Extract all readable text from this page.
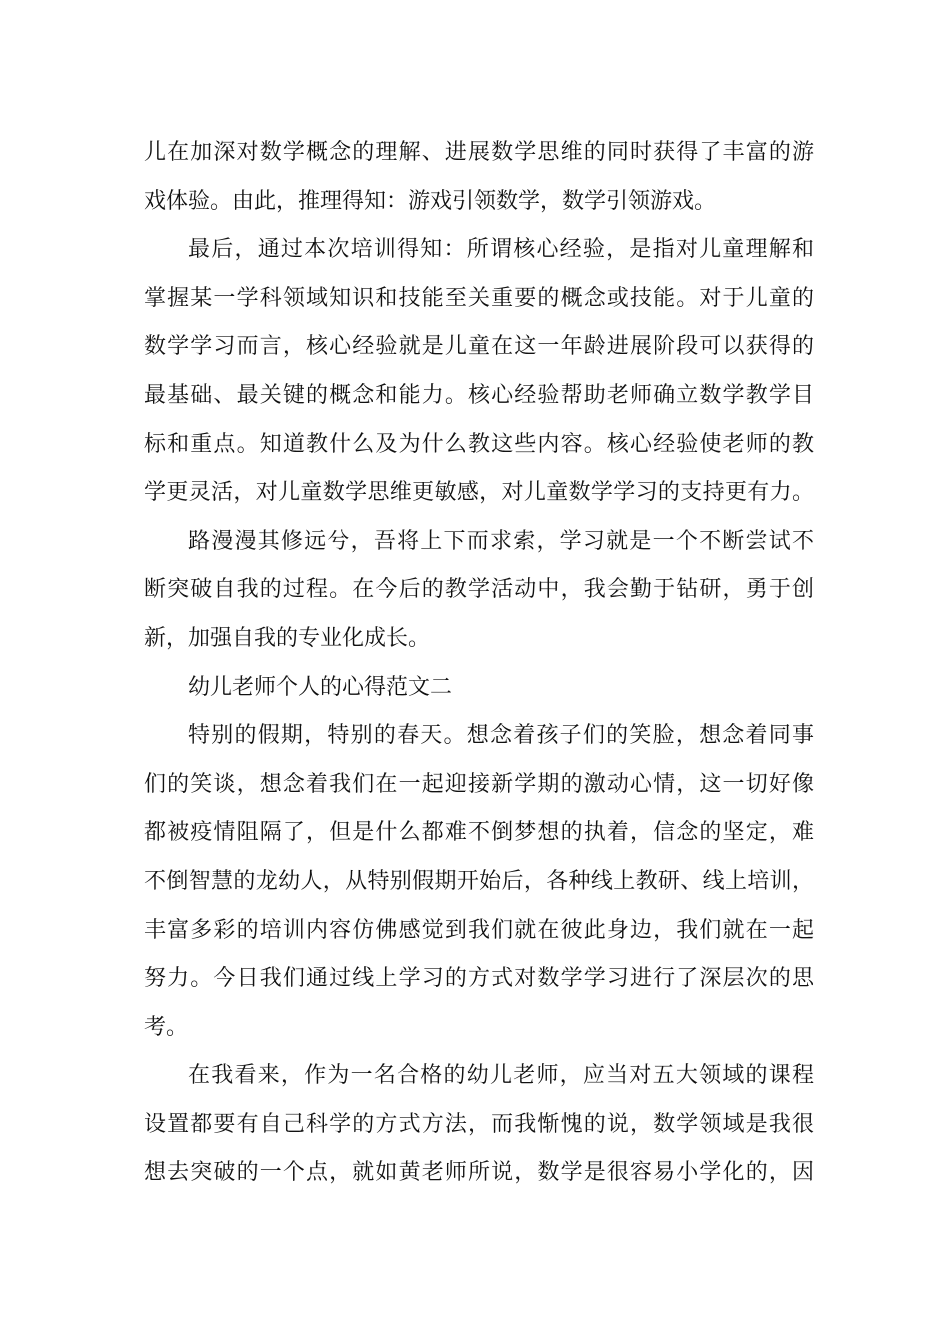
儿在加深对数学概念的理解、进展数学思维的同时获得了丰富的游
戏体验。由此，推理得知：游戏引领数学，数学引领游戏。
最后，通过本次培训得知：所谓核心经验，是指对儿童理解和
掌握某一学科领域知识和技能至关重要的概念或技能。对于儿童的
数学学习而言，核心经验就是儿童在这一年龄进展阶段可以获得的
最基础、最关键的概念和能力。核心经验帮助老师确立数学教学目
标和重点。知道教什么及为什么教这些内容。核心经验使老师的教
学更灵活，对儿童数学思维更敏感，对儿童数学学习的支持更有力。
路漫漫其修远兮，吾将上下而求索，学习就是一个不断尝试不
断突破自我的过程。在今后的教学活动中，我会勤于钻研，勇于创
新，加强自我的专业化成长。
幼儿老师个人的心得范文二
特别的假期，特别的春天。想念着孩子们的笑脸，想念着同事
们的笑谈，想念着我们在一起迎接新学期的激动心情，这一切好像
都被疫情阻隔了，但是什么都难不倒梦想的执着，信念的坚定，难
不倒智慧的龙幼人，从特别假期开始后，各种线上教研、线上培训，
丰富多彩的培训内容仿佛感觉到我们就在彼此身边，我们就在一起
努力。今日我们通过线上学习的方式对数学学习进行了深层次的思
考。
在我看来，作为一名合格的幼儿老师，应当对五大领域的课程
设置都要有自己科学的方式方法，而我惭愧的说，数学领域是我很
想去突破的一个点，就如黄老师所说，数学是很容易小学化的，因
